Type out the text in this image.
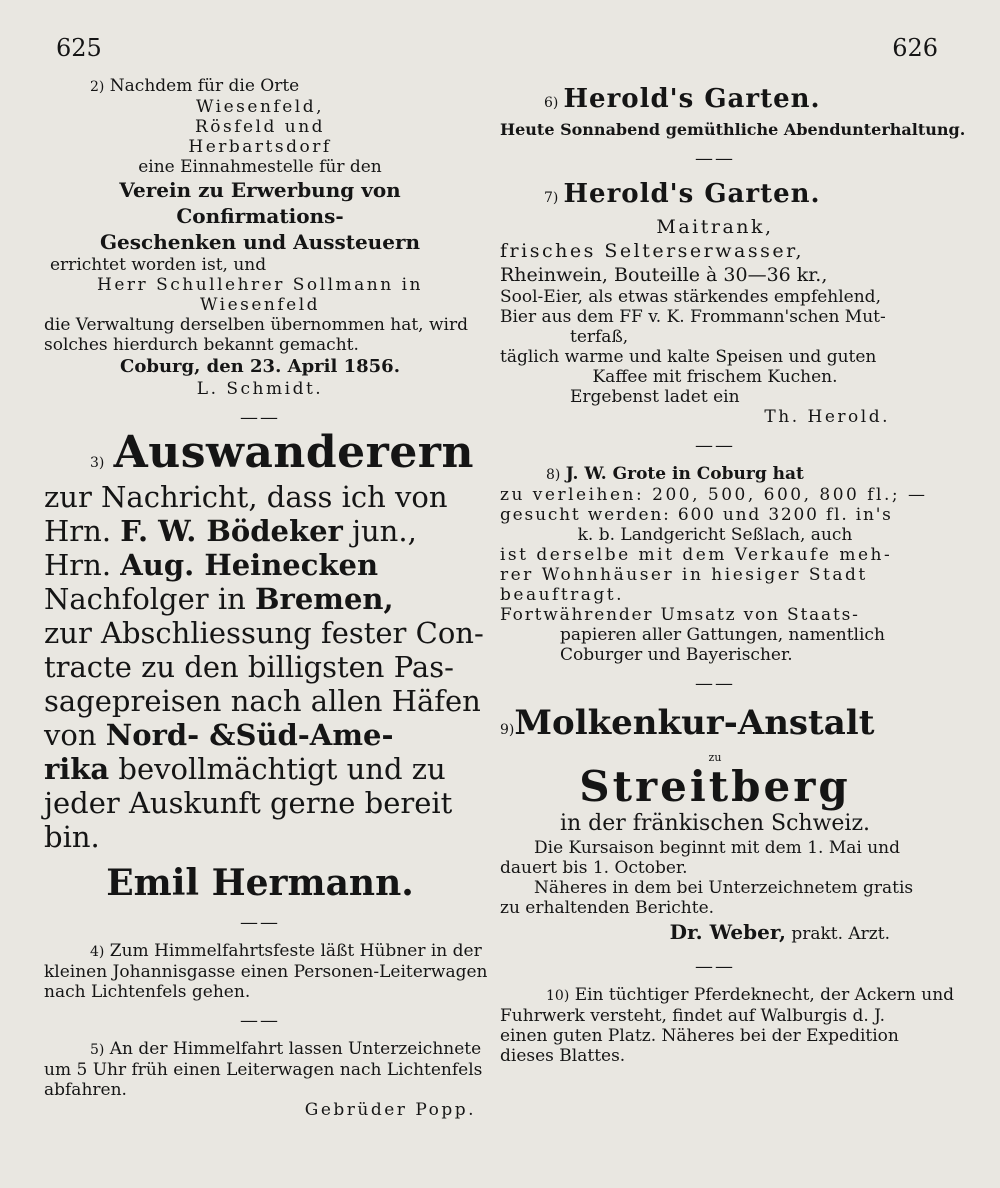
625	626
2) Nachdem für die Orte
Wiesenfeld,
Rösfeld und
Herbartsdorf
eine Einnahmestelle für den
Verein zu Erwerbung von Confirmations-
Geschenken und Aussteuern
errichtet worden ist, und
Herr Schullehrer Sollmann in
Wiesenfeld
die Verwaltung derselben übernommen hat, wird
solches hierdurch bekannt gemacht.
Coburg, den 23. April 1856.
L. Schmidt.
——
3) Auswanderern
zur Nachricht, dass ich von
Hrn. F. W. Bödeker jun.,
Hrn. Aug. Heinecken
Nachfolger in Bremen,
zur Abschliessung fester Con-
tracte zu den billigsten Pas-
sagepreisen nach allen Häfen
von Nord- &Süd-Ame-
rika bevollmächtigt und zu
jeder Auskunft gerne bereit
bin.
Emil Hermann.
——
4) Zum Himmelfahrtsfeste läßt Hübner in der
kleinen Johannisgasse einen Personen-Leiterwagen
nach Lichtenfels gehen.
——
5) An der Himmelfahrt lassen Unterzeichnete
um 5 Uhr früh einen Leiterwagen nach Lichtenfels
abfahren.
Gebrüder Popp.
6) Herold's Garten.
Heute Sonnabend gemüthliche Abendunterhaltung.
——
7) Herold's Garten.
Maitrank,
frisches Selterserwasser,
Rheinwein, Bouteille à 30—36 kr.,
Sool-Eier, als etwas stärkendes empfehlend,
Bier aus dem FF v. K. Frommann'schen Mut-
terfaß,
täglich warme und kalte Speisen und guten
Kaffee mit frischem Kuchen.
Ergebenst ladet ein
Th. Herold.
——
8) J. W. Grote in Coburg hat
zu verleihen: 200, 500, 600, 800 fl.; —
gesucht werden: 600 und 3200 fl. in's
k. b. Landgericht Seßlach, auch
ist derselbe mit dem Verkaufe meh-
rer Wohnhäuser in hiesiger Stadt
beauftragt.
Fortwährender Umsatz von Staats-
papieren aller Gattungen, namentlich
Coburger und Bayerischer.
——
9)Molkenkur-Anstalt
zu
Streitberg
in der fränkischen Schweiz.
Die Kursaison beginnt mit dem 1. Mai und
dauert bis 1. October.
Näheres in dem bei Unterzeichnetem gratis
zu erhaltenden Berichte.
Dr. Weber, prakt. Arzt.
——
10) Ein tüchtiger Pferdeknecht, der Ackern und
Fuhrwerk versteht, findet auf Walburgis d. J.
einen guten Platz. Näheres bei der Expedition
dieses Blattes.
